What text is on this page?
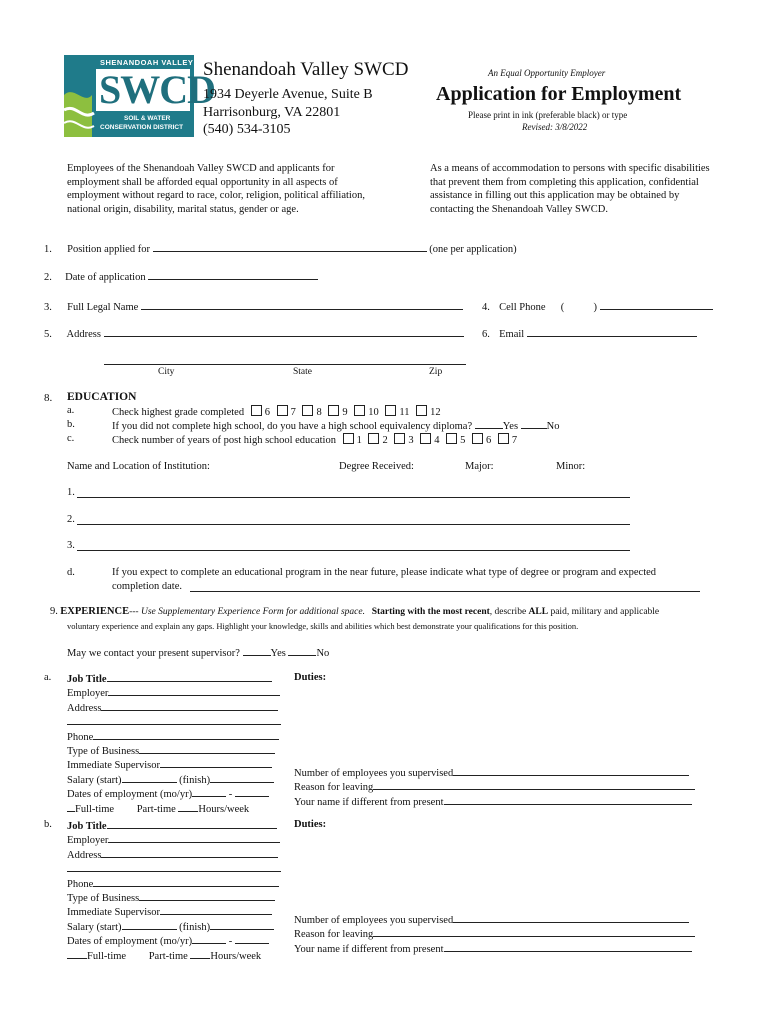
SHENANDOAH VALLEY
SWCD
SOIL & WATER
CONSERVATION DISTRICT
Shenandoah Valley SWCD
1934 Deyerle Avenue, Suite B
Harrisonburg, VA 22801
(540) 534-3105
An Equal Opportunity Employer
Application for Employment
Please print in ink (preferable black) or type
Revised: 3/8/2022
Employees of the Shenandoah Valley SWCD and applicants for
employment shall be afforded equal opportunity in all aspects of
employment without regard to race, color, religion, political affiliation,
national origin, disability, marital status, gender or age.
As a means of accommodation to persons with specific disabilities
that prevent them from completing this application, confidential
assistance in filling out this application may be obtained by
contacting the Shenandoah Valley SWCD.
1. Position applied for	(one per application)
2. Date of application
3. Full Legal Name	4. Cell Phone (	)
5. Address	6. Email
City	State	Zip
8. EDUCATION
a.	Check highest grade completed 6 7 8 9 10 11 12
b.	If you did not complete high school, do you have a high school equivalency diploma?	Yes	No
c.	Check number of years of post high school education 1 2 3 4 5 6 7
Name and Location of Institution:	Degree Received:	Major:	Minor:
1.
2.
3.
d.	If you expect to complete an educational program in the near future, please indicate what type of degree or program and expected
completion date.
9. EXPERIENCE--- Use Supplementary Experience Form for additional space. Starting with the most recent, describe ALL paid, military and applicable
voluntary experience and explain any gaps. Highlight your knowledge, skills and abilities which best demonstrate your qualifications for this position.
May we contact your present supervisor?	Yes	No
a. Job Title
Employer
Address
Phone
Type of Business
Immediate Supervisor
Salary (start)	(finish)
Dates of employment (mo/yr)	-
Full-time Part-time Hours/week
Duties:
Number of employees you supervised
Reason for leaving
Your name if different from present
b. Job Title
Employer
Address
Phone
Type of Business
Immediate Supervisor
Salary (start)	(finish)
Dates of employment (mo/yr)	-
Full-time Part-time Hours/week
Duties:
Number of employees you supervised
Reason for leaving
Your name if different from present
